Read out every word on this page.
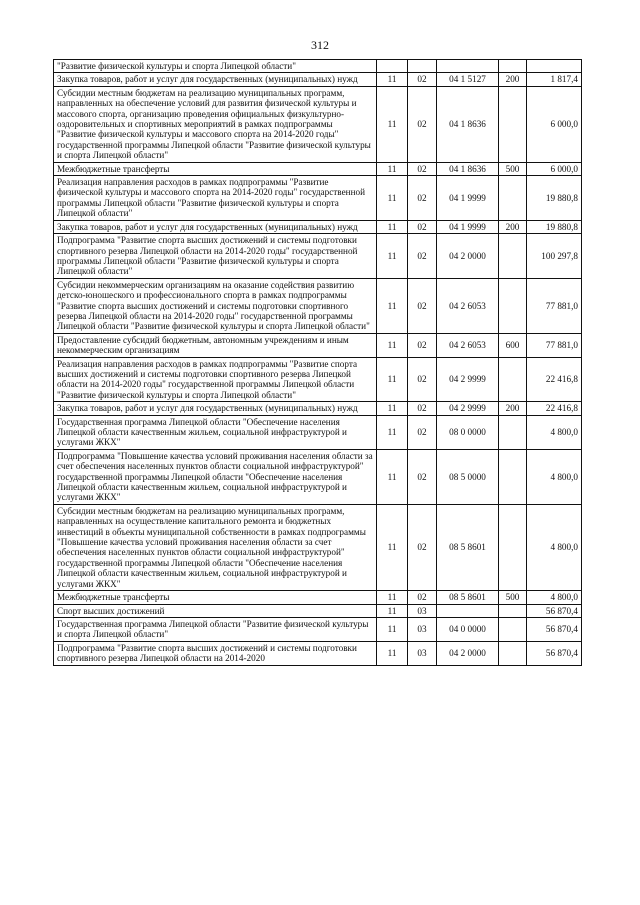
312
"Развитие физической культуры и спорта Липецкой области"					
Закупка товаров, работ и услуг для государственных (муниципальных) нужд	11	02	04 1 5127	200	1 817,4
Субсидии местным бюджетам на реализацию муниципальных программ, направленных на обеспечение условий для развития физической культуры и массового спорта, организацию проведения официальных физкультурно-оздоровительных и спортивных мероприятий в рамках подпрограммы "Развитие физической культуры и массового спорта на 2014-2020 годы" государственной программы Липецкой области "Развитие физической культуры и спорта Липецкой области"	11	02	04 1 8636		6 000,0
Межбюджетные трансферты	11	02	04 1 8636	500	6 000,0
Реализация направления расходов в рамках подпрограммы "Развитие физической культуры и массового спорта на 2014-2020 годы" государственной программы Липецкой области "Развитие физической культуры и спорта Липецкой области"	11	02	04 1 9999		19 880,8
Закупка товаров, работ и услуг для государственных (муниципальных) нужд	11	02	04 1 9999	200	19 880,8
Подпрограмма "Развитие спорта высших достижений и системы подготовки спортивного резерва Липецкой области на 2014-2020 годы" государственной программы Липецкой области "Развитие физической культуры и спорта Липецкой области"	11	02	04 2 0000		100 297,8
Субсидии некоммерческим организациям на оказание содействия развитию детско-юношеского и профессионального спорта в рамках подпрограммы "Развитие спорта высших достижений и системы подготовки спортивного резерва Липецкой области на 2014-2020 годы" государственной программы Липецкой области "Развитие физической культуры и спорта Липецкой области"	11	02	04 2 6053		77 881,0
Предоставление субсидий бюджетным, автономным учреждениям и иным некоммерческим организациям	11	02	04 2 6053	600	77 881,0
Реализация направления расходов в рамках подпрограммы "Развитие спорта высших достижений и системы подготовки спортивного резерва Липецкой области на 2014-2020 годы" государственной программы Липецкой области "Развитие физической культуры и спорта Липецкой области"	11	02	04 2 9999		22 416,8
Закупка товаров, работ и услуг для государственных (муниципальных) нужд	11	02	04 2 9999	200	22 416,8
Государственная программа Липецкой области "Обеспечение населения Липецкой области качественным жильем, социальной инфраструктурой и услугами ЖКХ"	11	02	08 0 0000		4 800,0
Подпрограмма "Повышение качества условий проживания населения области за счет обеспечения населенных пунктов области социальной инфраструктурой" государственной программы Липецкой области "Обеспечение населения Липецкой области качественным жильем, социальной инфраструктурой и услугами ЖКХ"	11	02	08 5 0000		4 800,0
Субсидии местным бюджетам на реализацию муниципальных программ, направленных на осуществление капитального ремонта и бюджетных инвестиций в объекты муниципальной собственности в рамках подпрограммы "Повышение качества условий проживания населения области за счет обеспечения населенных пунктов области социальной инфраструктурой" государственной программы Липецкой области "Обеспечение населения Липецкой области качественным жильем, социальной инфраструктурой и услугами ЖКХ"	11	02	08 5 8601		4 800,0
Межбюджетные трансферты	11	02	08 5 8601	500	4 800,0
Спорт высших достижений	11	03			56 870,4
Государственная программа Липецкой области "Развитие физической культуры и спорта Липецкой области"	11	03	04 0 0000		56 870,4
Подпрограмма "Развитие спорта высших достижений и системы подготовки спортивного резерва Липецкой области на 2014-2020	11	03	04 2 0000		56 870,4
